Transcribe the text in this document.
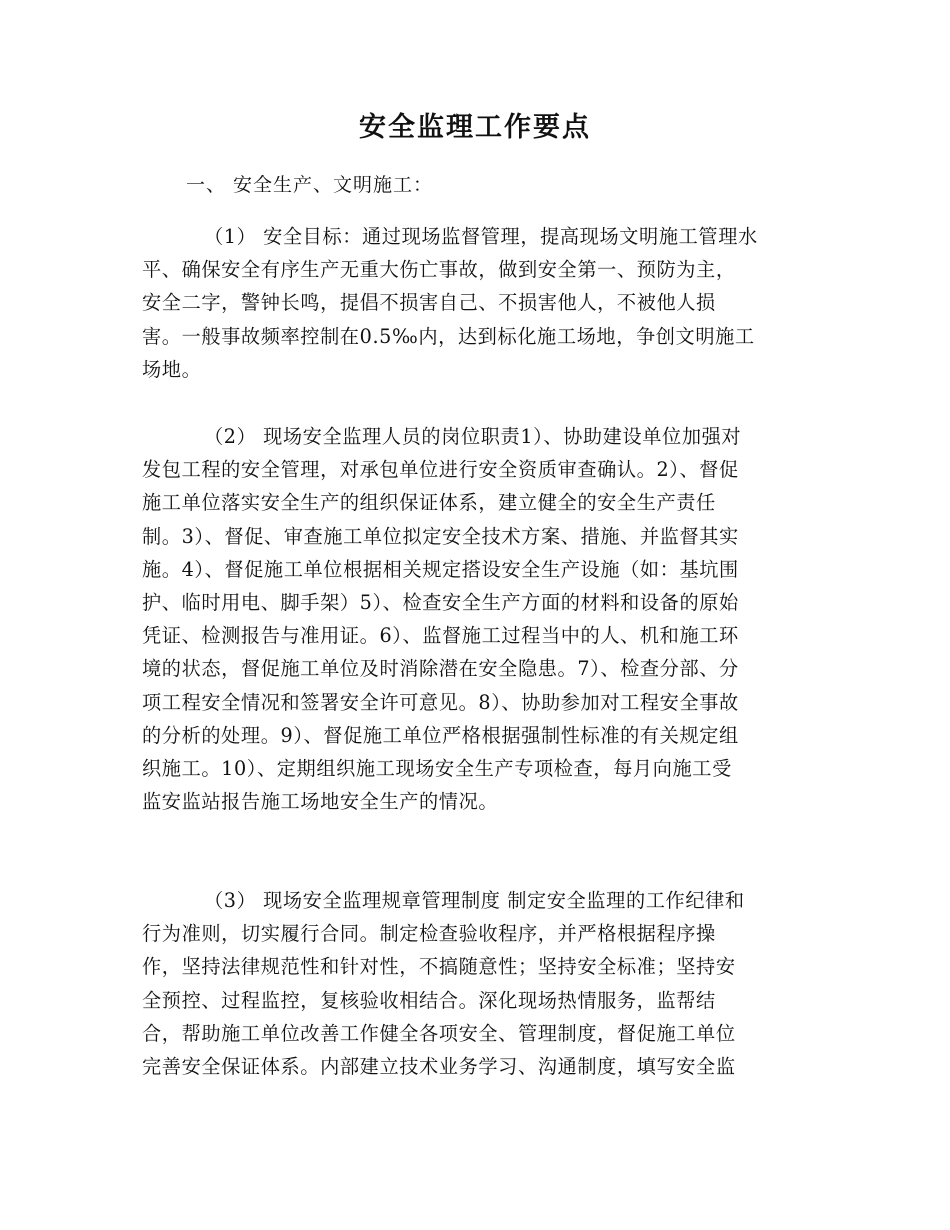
安全监理工作要点
一、 安全生产、文明施工：
（1） 安全目标：通过现场监督管理，提高现场文明施工管理水
平、确保安全有序生产无重大伤亡事故，做到安全第一、预防为主，
安全二字，警钟长鸣，提倡不损害自己、不损害他人，不被他人损
害。一般事故频率控制在0.5‰内，达到标化施工场地，争创文明施工
场地。
（2） 现场安全监理人员的岗位职责1）、协助建设单位加强对
发包工程的安全管理，对承包单位进行安全资质审查确认。2）、督促
施工单位落实安全生产的组织保证体系，建立健全的安全生产责任
制。3）、督促、审查施工单位拟定安全技术方案、措施、并监督其实
施。4）、督促施工单位根据相关规定搭设安全生产设施（如：基坑围
护、临时用电、脚手架）5）、检查安全生产方面的材料和设备的原始
凭证、检测报告与准用证。6）、监督施工过程当中的人、机和施工环
境的状态，督促施工单位及时消除潜在安全隐患。7）、检查分部、分
项工程安全情况和签署安全许可意见。8）、协助参加对工程安全事故
的分析的处理。9）、督促施工单位严格根据强制性标准的有关规定组
织施工。10）、定期组织施工现场安全生产专项检查，每月向施工受
监安监站报告施工场地安全生产的情况。
（3） 现场安全监理规章管理制度 制定安全监理的工作纪律和
行为准则，切实履行合同。制定检查验收程序，并严格根据程序操
作，坚持法律规范性和针对性，不搞随意性；坚持安全标准；坚持安
全预控、过程监控，复核验收相结合。深化现场热情服务，监帮结
合，帮助施工单位改善工作健全各项安全、管理制度，督促施工单位
完善安全保证体系。内部建立技术业务学习、沟通制度，填写安全监
